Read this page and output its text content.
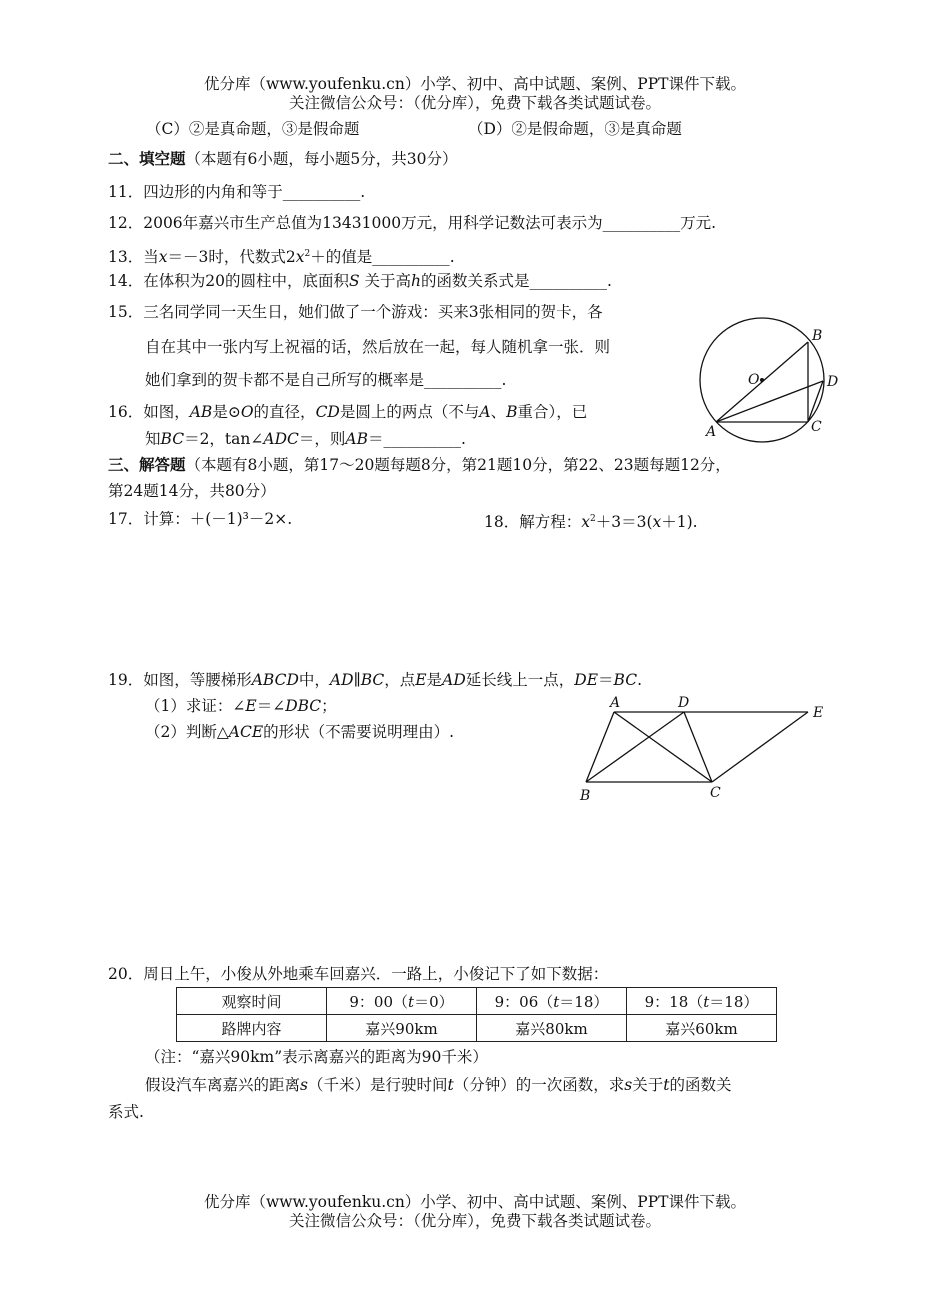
优分库（www.youfenku.cn）小学、初中、高中试题、案例、PPT课件下载。
关注微信公众号：（优分库），免费下载各类试题试卷。
（C）②是真命题，③是假命题	（D）②是假命题，③是真命题
二、填空题（本题有6小题，每小题5分，共30分）
11．四边形的内角和等于__________.
12．2006年嘉兴市生产总值为13431000万元，用科学记数法可表示为__________万元.
13．当x＝－3时，代数式$2x^2+$的值是__________.
14．在体积为20的圆柱中，底面积S 关于高h的函数关系式是__________.
15．三名同学同一天生日，她们做了一个游戏：买来3张相同的贺卡，各
自在其中一张内写上祝福的话，然后放在一起，每人随机拿一张．则
她们拿到的贺卡都不是自己所写的概率是__________.
16．如图，AB是⊙O的直径，CD是圆上的两点（不与A、B重合），已
知BC＝2，tan∠ADC＝，则AB＝__________.
O
B
D
A	C
三、解答题（本题有8小题，第17～20题每题8分，第21题10分，第22、23题每题12分，
第24题14分，共80分）
17．计算：＋(－1)³－2×.	18．解方程：$x^2+3=3(x+1)$.
19．如图，等腰梯形ABCD中，AD∥BC，点E是AD延长线上一点，DE＝BC.
（1）求证：∠E＝∠DBC；
（2）判断△ACE的形状（不需要说明理由）.
A	D
E
B	C
20．周日上午，小俊从外地乘车回嘉兴．一路上，小俊记下了如下数据：
观察时间	9：00（t＝0）	9：06（t＝18）	9：18（t＝18）
路牌内容	嘉兴90km	嘉兴80km	嘉兴60km
（注：“嘉兴90km”表示离嘉兴的距离为90千米）
假设汽车离嘉兴的距离s（千米）是行驶时间t（分钟）的一次函数，求s关于t的函数关
系式.
优分库（www.youfenku.cn）小学、初中、高中试题、案例、PPT课件下载。
关注微信公众号：（优分库），免费下载各类试题试卷。
